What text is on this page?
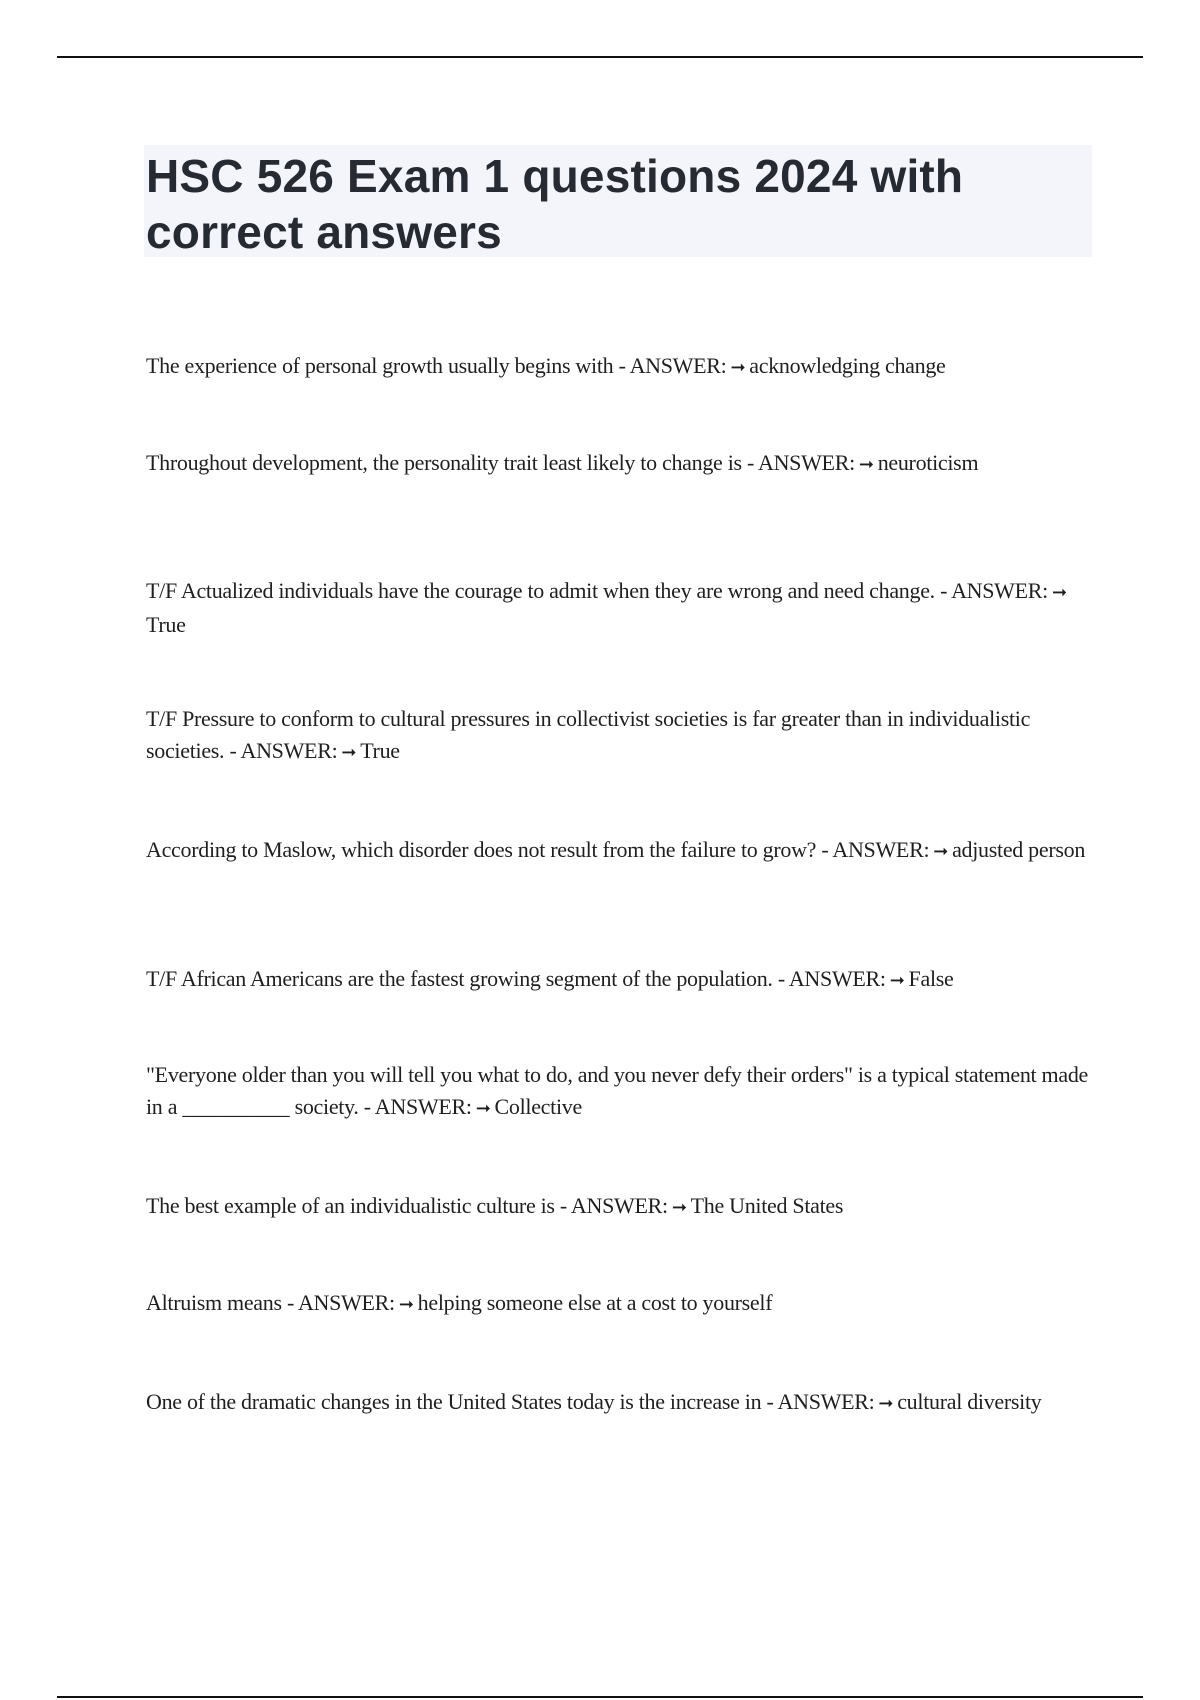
HSC 526 Exam 1 questions 2024 with correct answers

The experience of personal growth usually begins with - ANSWER: ➞ acknowledging change

Throughout development, the personality trait least likely to change is - ANSWER: ➞ neuroticism

T/F Actualized individuals have the courage to admit when they are wrong and need change. - ANSWER: ➞True

T/F Pressure to conform to cultural pressures in collectivist societies is far greater than in individualistic societies. - ANSWER: ➞ True

According to Maslow, which disorder does not result from the failure to grow? - ANSWER: ➞ adjusted person

T/F African Americans are the fastest growing segment of the population. - ANSWER: ➞ False

"Everyone older than you will tell you what to do, and you never defy their orders" is a typical statement made in a __________ society. - ANSWER: ➞ Collective

The best example of an individualistic culture is - ANSWER: ➞ The United States

Altruism means - ANSWER: ➞ helping someone else at a cost to yourself

One of the dramatic changes in the United States today is the increase in - ANSWER: ➞ cultural diversity
